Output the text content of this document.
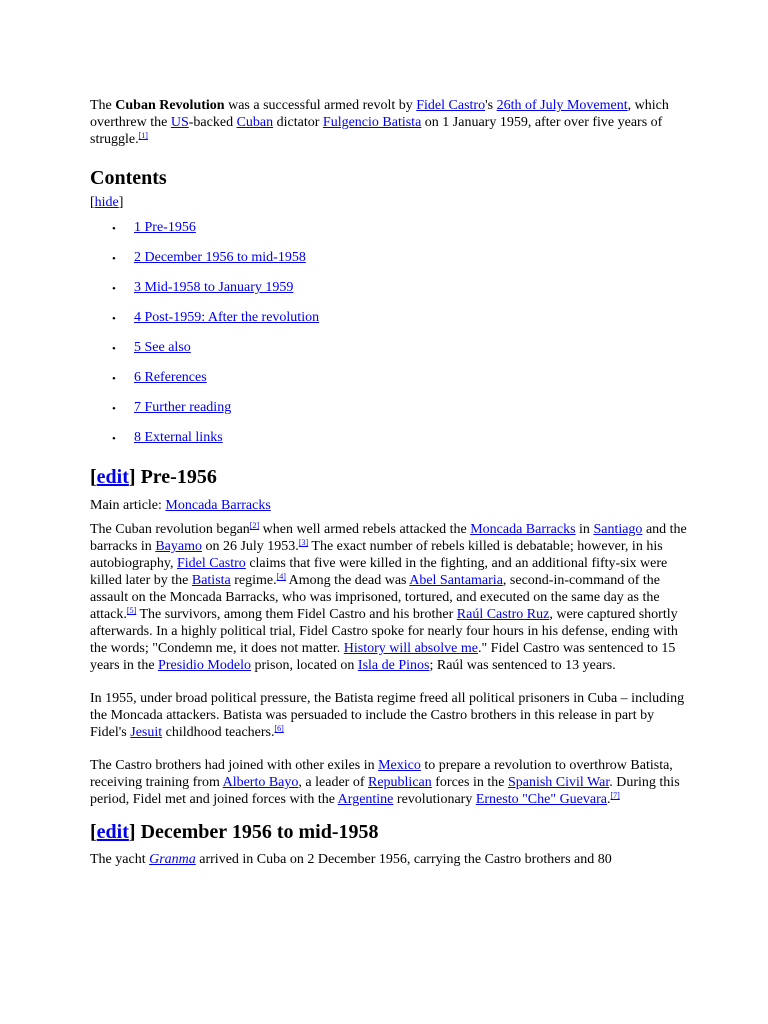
The Cuban Revolution was a successful armed revolt by Fidel Castro's 26th of July Movement, which overthrew the US-backed Cuban dictator Fulgencio Batista on 1 January 1959, after over five years of struggle.[1]

Contents
[hide]
• 1 Pre-1956
• 2 December 1956 to mid-1958
• 3 Mid-1958 to January 1959
• 4 Post-1959: After the revolution
• 5 See also
• 6 References
• 7 Further reading
• 8 External links
[edit] Pre-1956
Main article: Moncada Barracks

The Cuban revolution began[2] when well armed rebels attacked the Moncada Barracks in Santiago and the barracks in Bayamo on 26 July 1953.[3] The exact number of rebels killed is debatable; however, in his autobiography, Fidel Castro claims that five were killed in the fighting, and an additional fifty-six were killed later by the Batista regime.[4] Among the dead was Abel Santamaria, second-in-command of the assault on the Moncada Barracks, who was imprisoned, tortured, and executed on the same day as the attack.[5] The survivors, among them Fidel Castro and his brother Raúl Castro Ruz, were captured shortly afterwards. In a highly political trial, Fidel Castro spoke for nearly four hours in his defense, ending with the words; "Condemn me, it does not matter. History will absolve me." Fidel Castro was sentenced to 15 years in the Presidio Modelo prison, located on Isla de Pinos; Raúl was sentenced to 13 years.

In 1955, under broad political pressure, the Batista regime freed all political prisoners in Cuba – including the Moncada attackers. Batista was persuaded to include the Castro brothers in this release in part by Fidel's Jesuit childhood teachers.[6]

The Castro brothers had joined with other exiles in Mexico to prepare a revolution to overthrow Batista, receiving training from Alberto Bayo, a leader of Republican forces in the Spanish Civil War. During this period, Fidel met and joined forces with the Argentine revolutionary Ernesto "Che" Guevara.[7]

[edit] December 1956 to mid-1958

The yacht Granma arrived in Cuba on 2 December 1956, carrying the Castro brothers and 80
